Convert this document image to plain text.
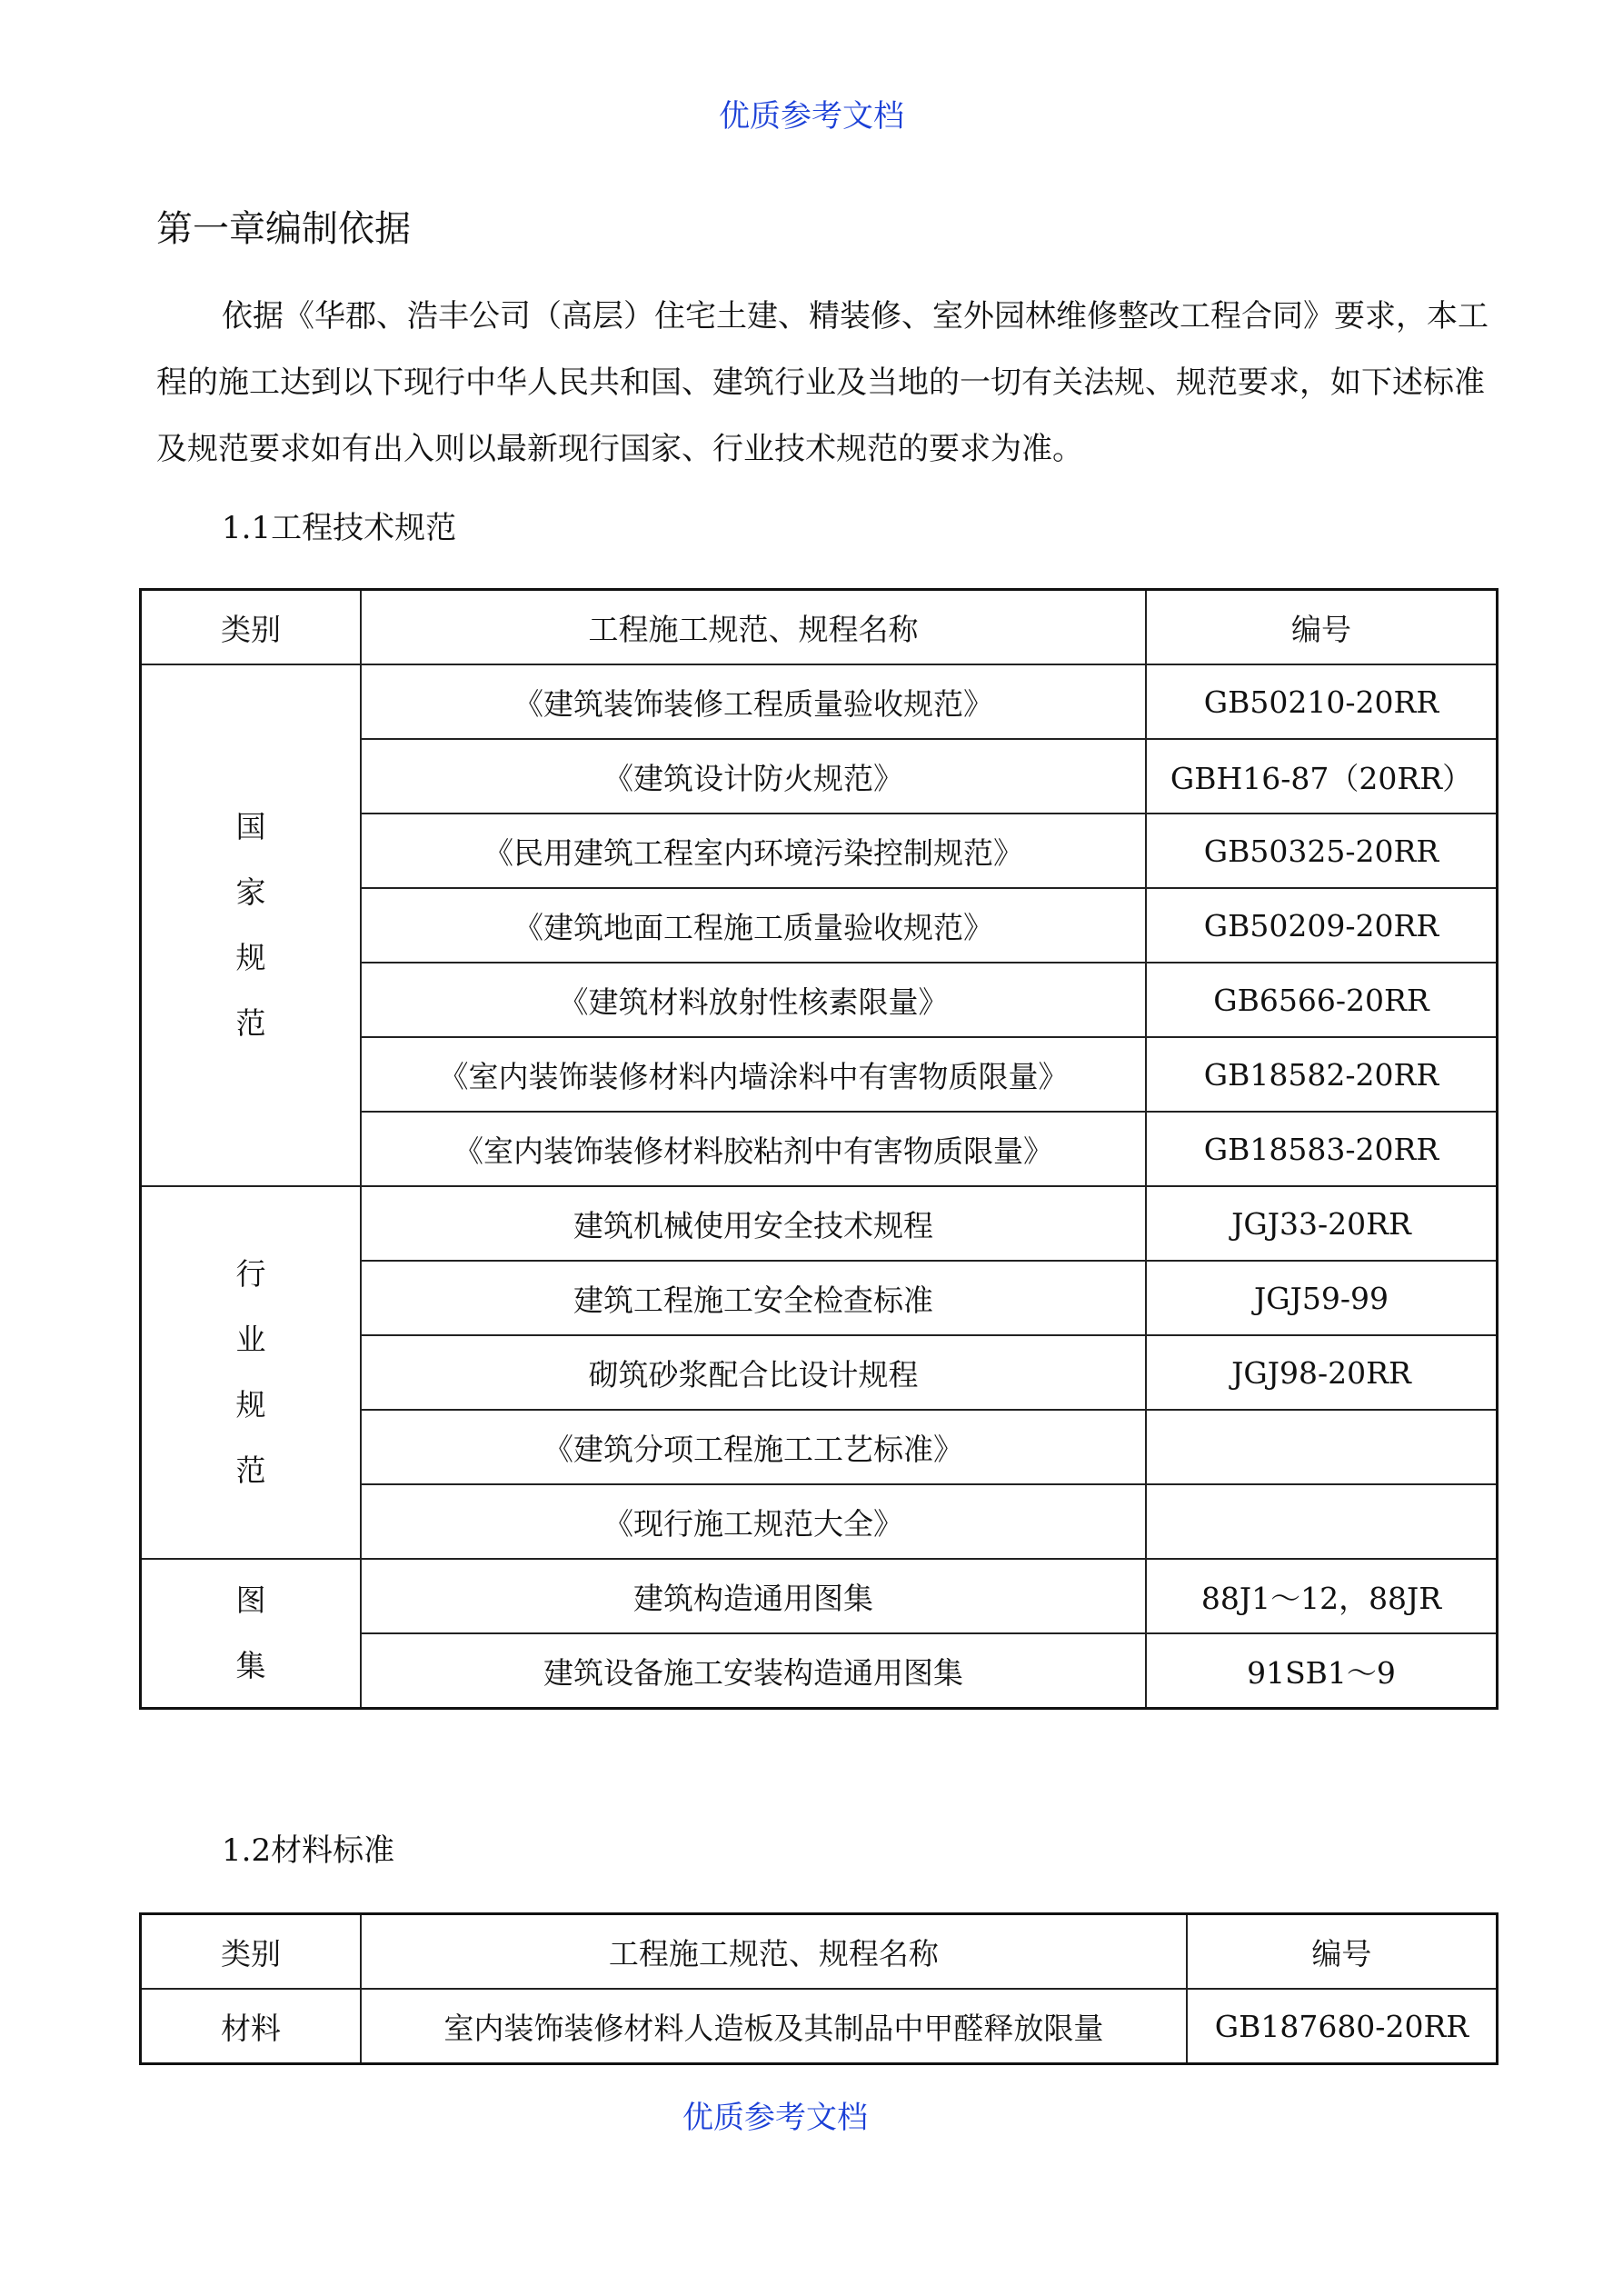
优质参考文档

第一章编制依据

依据《华郡、浩丰公司（高层）住宅土建、精装修、室外园林维修整改工程合同》要求，本工程的施工达到以下现行中华人民共和国、建筑行业及当地的一切有关法规、规范要求，如下述标准及规范要求如有出入则以最新现行国家、行业技术规范的要求为准。

1.1工程技术规范
类别	工程施工规范、规程名称	编号

国
家
规
范	《建筑装饰装修工程质量验收规范》	GB50210-20RR
	《建筑设计防火规范》	GBH16-87（20RR）
	《民用建筑工程室内环境污染控制规范》	GB50325-20RR
	《建筑地面工程施工质量验收规范》	GB50209-20RR
	《建筑材料放射性核素限量》	GB6566-20RR
	《室内装饰装修材料内墙涂料中有害物质限量》	GB18582-20RR
	《室内装饰装修材料胶粘剂中有害物质限量》	GB18583-20RR

行
业
规
范	建筑机械使用安全技术规程	JGJ33-20RR
	建筑工程施工安全检查标准	JGJ59-99
	砌筑砂浆配合比设计规程	JGJ98-20RR
	《建筑分项工程施工工艺标准》	
	《现行施工规范大全》	

图
集	建筑构造通用图集	88J1～12，88JR
	建筑设备施工安装构造通用图集	91SB1～9
1.2材料标准
类别	工程施工规范、规程名称	编号
材料	室内装饰装修材料人造板及其制品中甲醛释放限量	GB187680-20RR

优质参考文档
